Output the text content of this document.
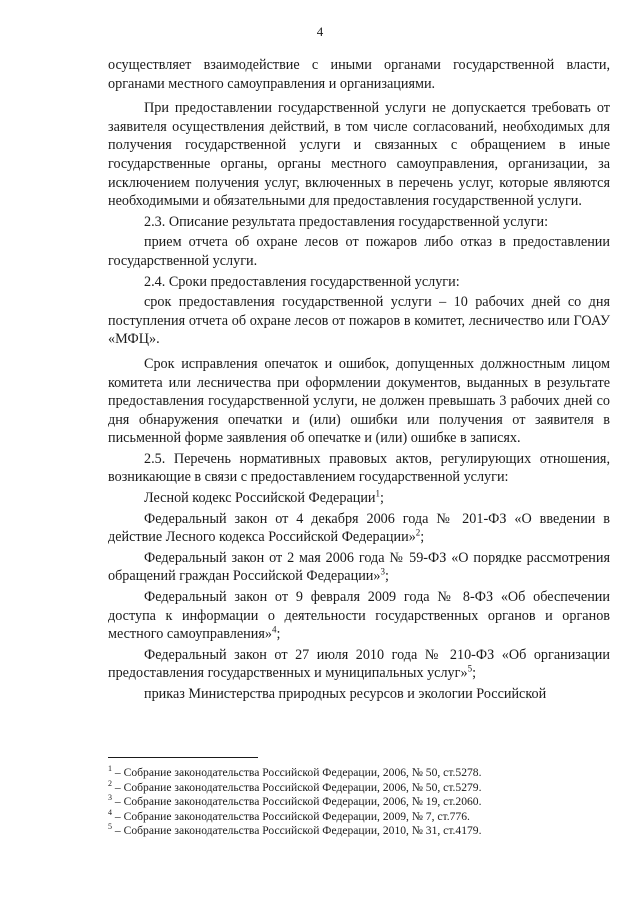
4

осуществляет взаимодействие с иными органами государственной власти, органами местного самоуправления и организациями.

При предоставлении государственной услуги не допускается требовать от заявителя осуществления действий, в том числе согласований, необходимых для получения государственной услуги и связанных с обращением в иные государственные органы, органы местного самоуправления, организации, за исключением получения услуг, включенных в перечень услуг, которые являются необходимыми и обязательными для предоставления государственной услуги.

2.3. Описание результата предоставления государственной услуги:

прием отчета об охране лесов от пожаров либо отказ в предоставлении государственной услуги.

2.4. Сроки предоставления государственной услуги:

срок предоставления государственной услуги – 10 рабочих дней со дня поступления отчета об охране лесов от пожаров в комитет, лесничество или ГОАУ «МФЦ».

Срок исправления опечаток и ошибок, допущенных должностным лицом комитета или лесничества при оформлении документов, выданных в результате предоставления государственной услуги, не должен превышать 3 рабочих дней со дня обнаружения опечатки и (или) ошибки или получения от заявителя в письменной форме заявления об опечатке и (или) ошибке в записях.

2.5. Перечень нормативных правовых актов, регулирующих отношения, возникающие в связи с предоставлением государственной услуги:

Лесной кодекс Российской Федерации$^1$;

Федеральный закон от 4 декабря 2006 года № 201-ФЗ «О введении в действие Лесного кодекса Российской Федерации»$^2$;

Федеральный закон от 2 мая 2006 года № 59-ФЗ «О порядке рассмотрения обращений граждан Российской Федерации»$^3$;

Федеральный закон от 9 февраля 2009 года № 8-ФЗ «Об обеспечении доступа к информации о деятельности государственных органов и органов местного самоуправления»$^4$;

Федеральный закон от 27 июля 2010 года № 210-ФЗ «Об организации предоставления государственных и муниципальных услуг»$^5$;

приказ Министерства природных ресурсов и экологии Российской

$^1$ – Собрание законодательства Российской Федерации, 2006, № 50, ст.5278.
$^2$ – Собрание законодательства Российской Федерации, 2006, № 50, ст.5279.
$^3$ – Собрание законодательства Российской Федерации, 2006, № 19, ст.2060.
$^4$ – Собрание законодательства Российской Федерации, 2009, № 7, ст.776.
$^5$ – Собрание законодательства Российской Федерации, 2010, № 31, ст.4179.
